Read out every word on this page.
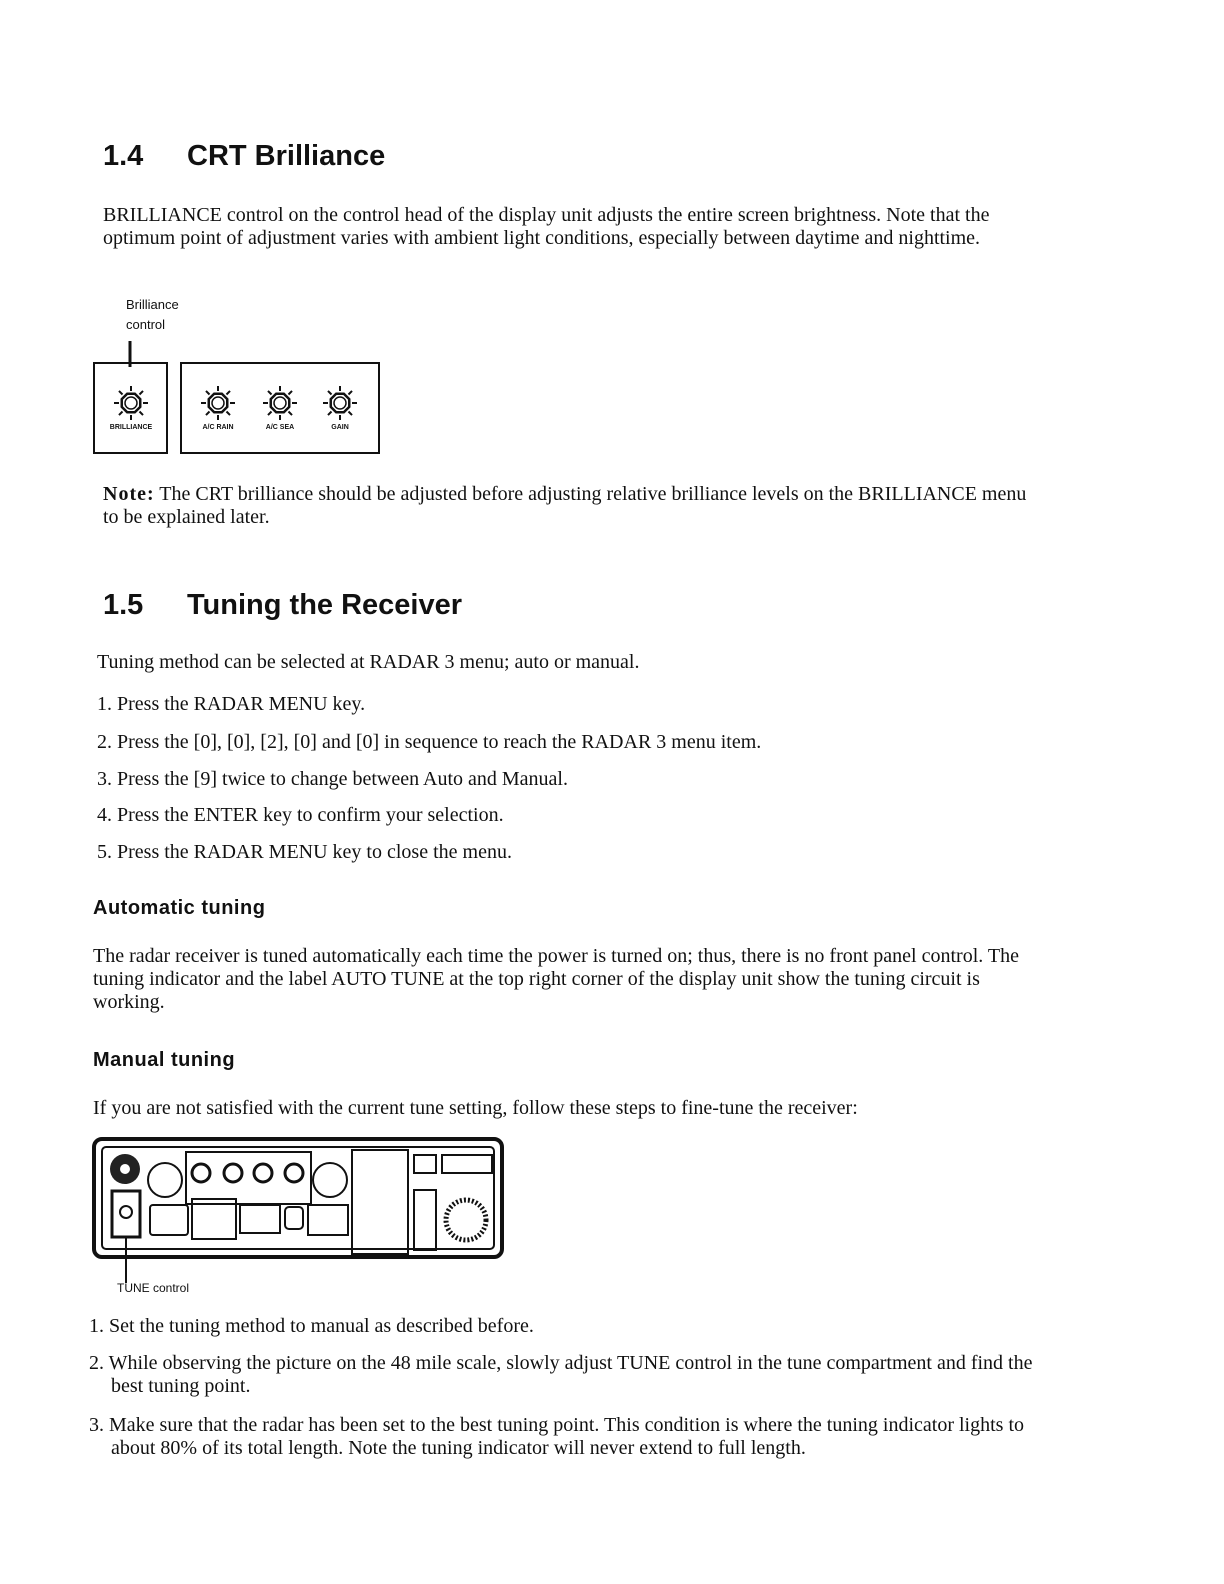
1.4 CRT Brilliance
BRILLIANCE control on the control head of the display unit adjusts the entire screen brightness. Note that the optimum point of adjustment varies with ambient light conditions, especially between daytime and nighttime.
Brilliance
control
Note: The CRT brilliance should be adjusted before adjusting relative brilliance levels on the BRILLIANCE menu to be explained later.
1.5 Tuning the Receiver
Tuning method can be selected at RADAR 3 menu; auto or manual.
1. Press the RADAR MENU key.
2. Press the [0], [0], [2], [0] and [0] in sequence to reach the RADAR 3 menu item.
3. Press the [9] twice to change between Auto and Manual.
4. Press the ENTER key to confirm your selection.
5. Press the RADAR MENU key to close the menu.
Automatic tuning
The radar receiver is tuned automatically each time the power is turned on; thus, there is no front panel control. The tuning indicator and the label AUTO TUNE at the top right corner of the display unit show the tuning circuit is working.
Manual tuning
If you are not satisfied with the current tune setting, follow these steps to fine-tune the receiver:
TUNE control
1. Set the tuning method to manual as described before.
2. While observing the picture on the 48 mile scale, slowly adjust TUNE control in the tune compartment and find the best tuning point.
3. Make sure that the radar has been set to the best tuning point. This condition is where the tuning indicator lights to about 80% of its total length. Note the tuning indicator will never extend to full length.
BRILLIANCE	A/C RAIN	A/C SEA	GAIN
